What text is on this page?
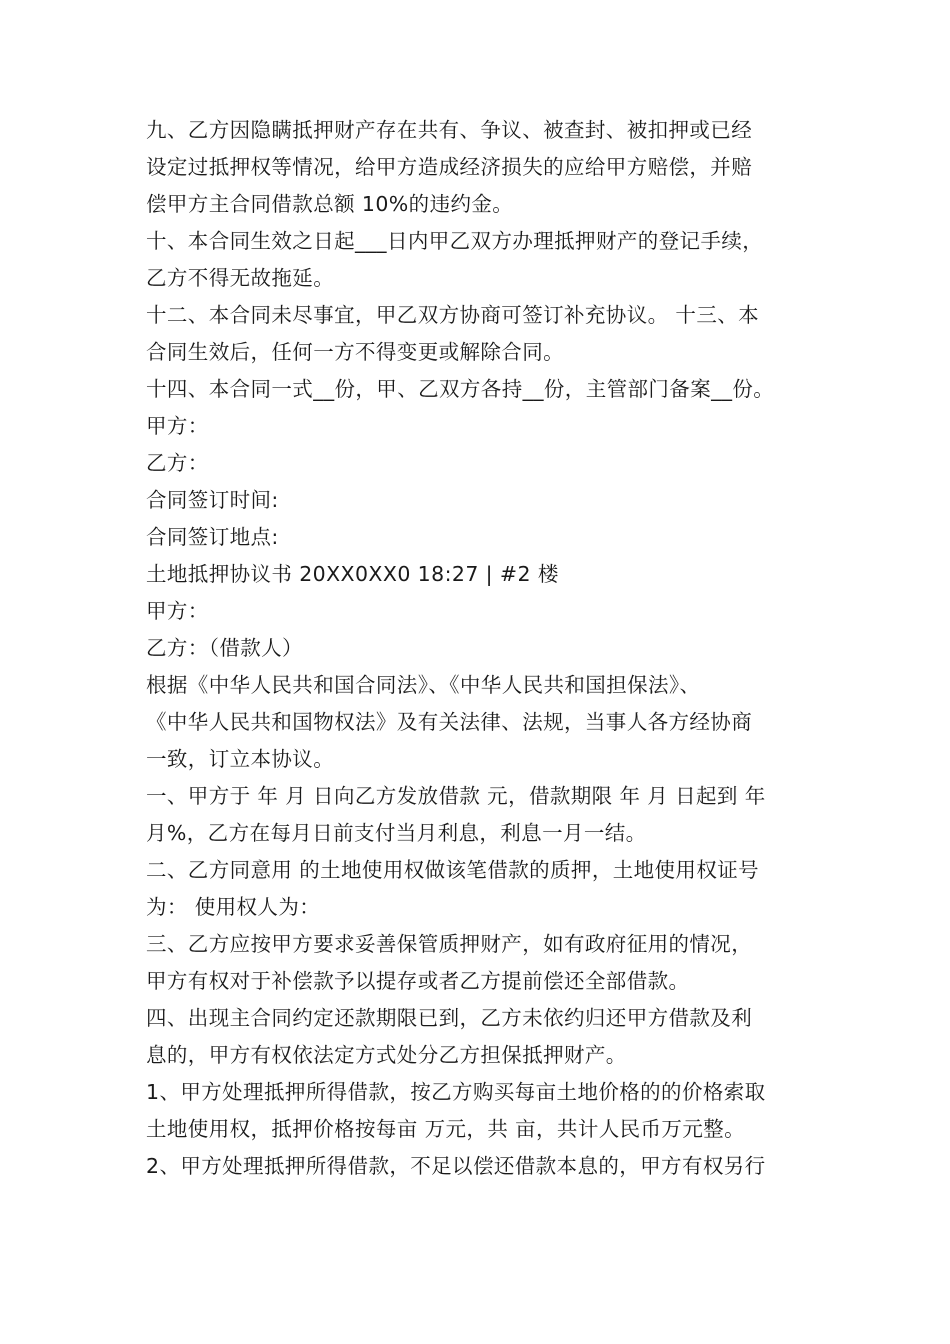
九、乙方因隐瞒抵押财产存在共有、争议、被查封、被扣押或已经
设定过抵押权等情况，给甲方造成经济损失的应给甲方赔偿，并赔
偿甲方主合同借款总额 10%的违约金。
十、本合同生效之日起___日内甲乙双方办理抵押财产的登记手续，
乙方不得无故拖延。
十二、本合同未尽事宜，甲乙双方协商可签订补充协议。 十三、本
合同生效后，任何一方不得变更或解除合同。
十四、本合同一式__份，甲、乙双方各持__份，主管部门备案__份。
甲方：
乙方：
合同签订时间:
合同签订地点:
土地抵押协议书 20XX0XX0 18:27 | #2 楼
甲方：
乙方：（借款人）
根据《中华人民共和国合同法》、《中华人民共和国担保法》、
《中华人民共和国物权法》及有关法律、法规，当事人各方经协商
一致，订立本协议。
一、甲方于 年 月 日向乙方发放借款 元，借款期限 年 月 日起到 年
月%，乙方在每月日前支付当月利息，利息一月一结。
二、乙方同意用 的土地使用权做该笔借款的质押，土地使用权证号
为： 使用权人为：
三、乙方应按甲方要求妥善保管质押财产，如有政府征用的情况，
甲方有权对于补偿款予以提存或者乙方提前偿还全部借款。
四、出现主合同约定还款期限已到，乙方未依约归还甲方借款及利
息的，甲方有权依法定方式处分乙方担保抵押财产。
1、甲方处理抵押所得借款，按乙方购买每亩土地价格的的价格索取
土地使用权，抵押价格按每亩 万元，共 亩，共计人民币万元整。
2、甲方处理抵押所得借款，不足以偿还借款本息的，甲方有权另行
